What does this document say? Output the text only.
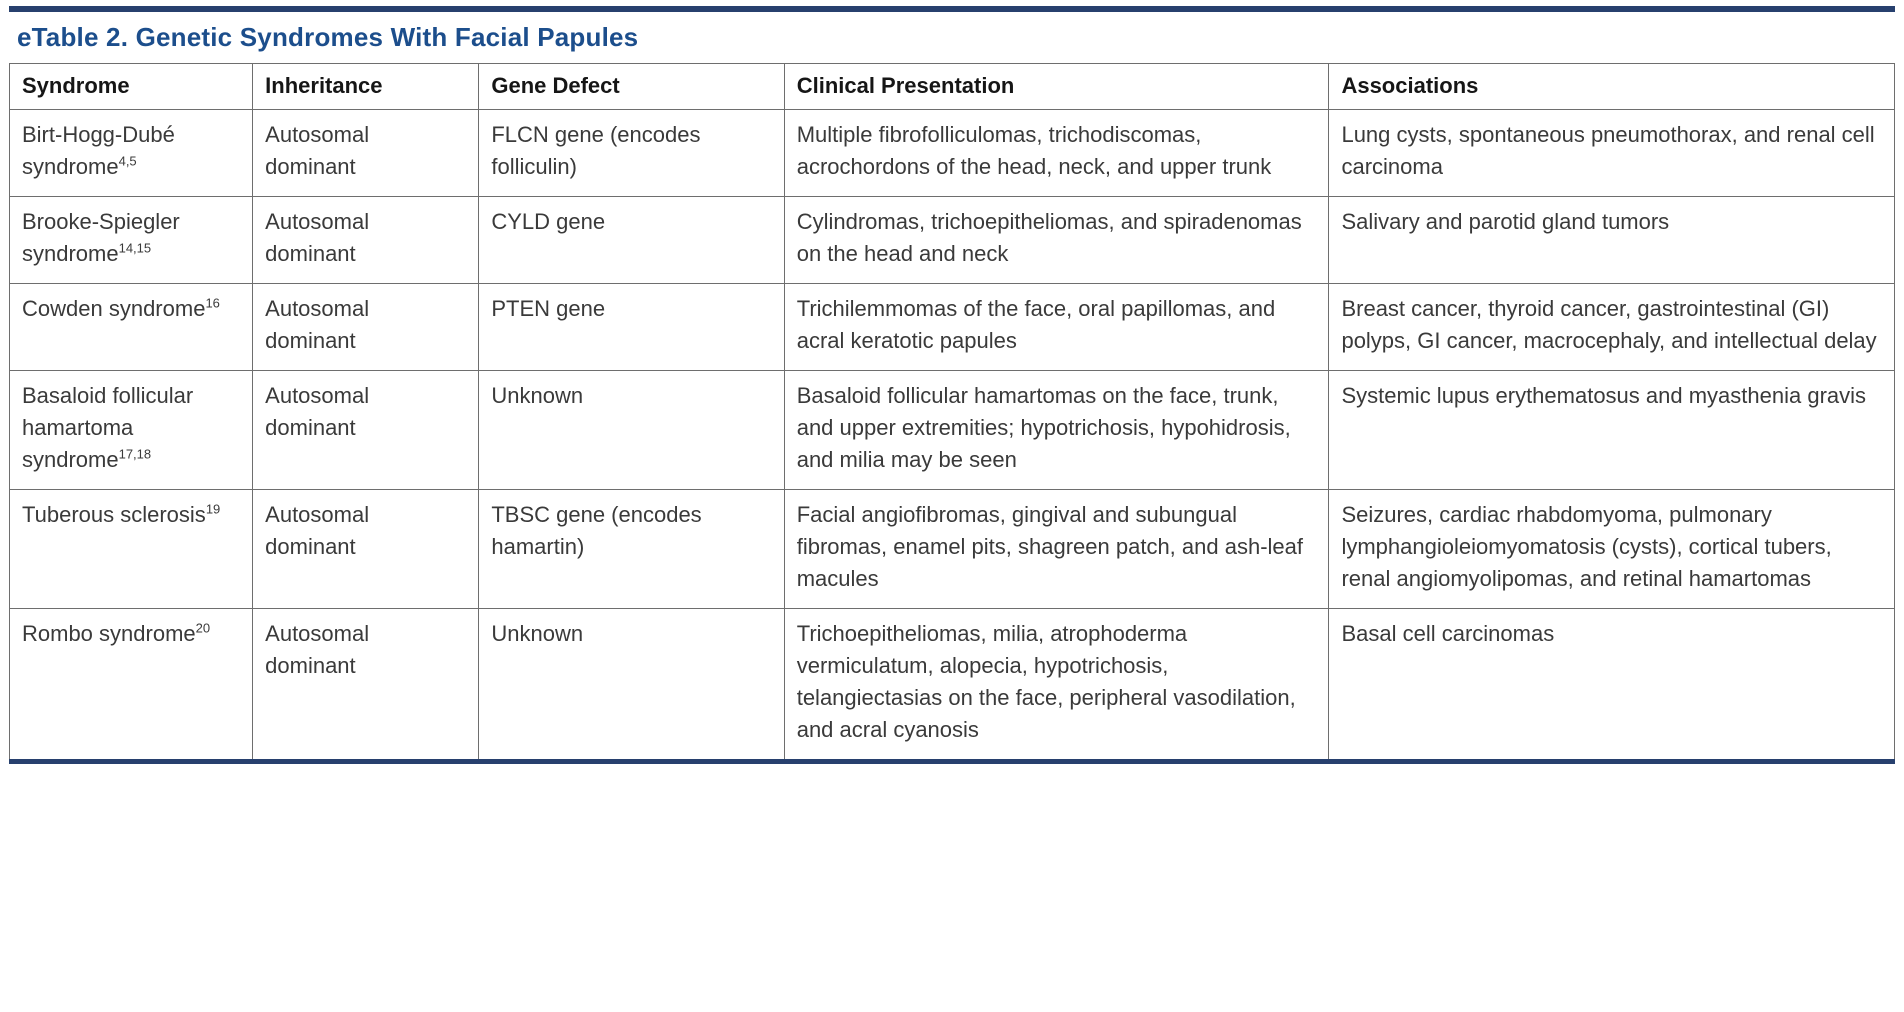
eTable 2. Genetic Syndromes With Facial Papules
Syndrome	Inheritance	Gene Defect	Clinical Presentation	Associations
Birt-Hogg-Dubé syndrome$^{4,5}$	Autosomal dominant	FLCN gene (encodes folliculin)	Multiple fibrofolliculomas, trichodiscomas, acrochordons of the head, neck, and upper trunk	Lung cysts, spontaneous pneumothorax, and renal cell carcinoma
Brooke-Spiegler syndrome$^{14,15}$	Autosomal dominant	CYLD gene	Cylindromas, trichoepitheliomas, and spiradenomas on the head and neck	Salivary and parotid gland tumors
Cowden syndrome$^{16}$	Autosomal dominant	PTEN gene	Trichilemmomas of the face, oral papillomas, and acral keratotic papules	Breast cancer, thyroid cancer, gastrointestinal (GI) polyps, GI cancer, macrocephaly, and intellectual delay
Basaloid follicular hamartoma syndrome$^{17,18}$	Autosomal dominant	Unknown	Basaloid follicular hamartomas on the face, trunk, and upper extremities; hypotrichosis, hypohidrosis, and milia may be seen	Systemic lupus erythematosus and myasthenia gravis
Tuberous sclerosis$^{19}$	Autosomal dominant	TBSC gene (encodes hamartin)	Facial angiofibromas, gingival and subungual fibromas, enamel pits, shagreen patch, and ash-leaf macules	Seizures, cardiac rhabdomyoma, pulmonary lymphangioleiomyomatosis (cysts), cortical tubers, renal angiomyolipomas, and retinal hamartomas
Rombo syndrome$^{20}$	Autosomal dominant	Unknown	Trichoepitheliomas, milia, atrophoderma vermiculatum, alopecia, hypotrichosis, telangiectasias on the face, peripheral vasodilation, and acral cyanosis	Basal cell carcinomas
